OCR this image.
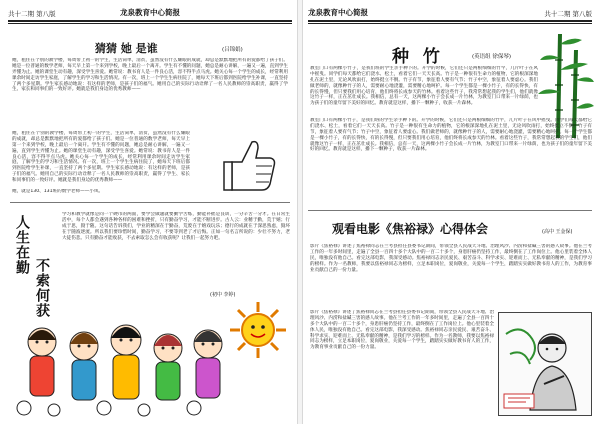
共十二期 第八版	龙泉教育中心简报
猜猜 她 是谁	(吕锦娟)
她，租住在个别的教学楼，每周带上初一的学生，生活简单，清贫，虽然没有什么耀眼的成就，却总是默默地把所有的爱都给了孩子们。她是一位普通的数学老师，每天早上第一个来到学校，晚上最后一个离开。学生有不懂的问题，她总是耐心讲解，一遍又一遍，直到学生弄懂为止。她的课堂生动有趣，深受学生喜爱。她常说：教书育人是一件良心活，容不得半点马虎。她关心每一个学生的成长，经常利用课余时间走访学生家庭，了解学生的学习和生活情况。有一次，班上一个学生生病住院了，她每天下班后都到医院给学生补课，一直坚持了两个多星期。学生家长感动地说：有这样的老师，是孩子们的福气。她用自己的实际行动诠释了一名人民教师的崇高职责，赢得了学生、家长和同事们的一致好评。她就是我们身边的优秀教师——
她，租住在个别的教学楼，每周带上初一的学生，生活简单，清贫，虽然没有什么耀眼的成就，却总是默默地把所有的爱都给了孩子们。她是一位普通的数学老师，每天早上第一个来到学校，晚上最后一个离开。学生有不懂的问题，她总是耐心讲解，一遍又一遍，直到学生弄懂为止。她的课堂生动有趣，深受学生喜爱。她常说：教书育人是一件良心活，容不得半点马虎。她关心每一个学生的成长，经常利用课余时间走访学生家庭，了解学生的学习和生活情况。有一次，班上一个学生生病住院了，她每天下班后都到医院给学生补课，一直坚持了两个多星期。学生家长感动地说：有这样的老师，是孩子们的福气。她用自己的实际行动诠释了一名人民教师的崇高职责，赢得了学生、家长和同事们的一致好评。她就是我们身边的优秀教师——
她，就是130、131班的数学老师——小凤。
人生在勤
不索何获
学习和教学就像是同一个硬币的两面，要学会做题就要勤学苦练，勤能补拙是良训，一分辛苦一分才。在日常生活中，每个人都会遇到各种各样的困难和挫折，只有勤奋学习，才能不断进步。古人云：业精于勤，荒于嬉；行成于思，毁于随。这句话告诉我们，学业的精深在于勤奋，荒废在于嬉戏玩乐；德行的成就在于深思熟虑，毁坏在于随波逐流。所以我们要珍惜时间，勤奋学习，不要等到老了才后悔。正如一句名言所说的：少壮不努力，老大徒伤悲。只有勤奋才能收获，不去索取怎么会有收获呢？让我们一起努力吧。
(初中 李婷)
龙泉教育中心简报	共十二期 第八版
种 竹	(英语组 徐保琴)
教室门口有两棵小竹子，是我们班的学生亲手种下的。开学的时候，它们还只是两根细细的竹竿，几片叶子在风中摇曳。同学们每天都给它们浇水、松土，看着它们一天天长高。竹子是一种很有生命力的植物，它的根深深地扎在泥土里，无论风吹雨打，始终挺立不倒。竹子有节，象征着人要有气节；竹子中空，象征着人要虚心。我们做老师的，就像种竹子的人，需要耐心地浇灌，需要精心地呵护。每一个学生都是一棵小竹子，有的长得快，有的长得慢，但只要我们用心培育，他们终将长成参天的竹林。看着这些竹子，我常常想起我的学生们，他们就像这竹子一样，正在茁壮成长。我相信，总有一天，这两棵小竹子会长成一片竹林，为教室门口带来一片绿荫，也为孩子们的童年留下美好的回忆。教育就是这样，播下一颗种子，收获一片森林。
教室门口有两棵小竹子，是我们班的学生亲手种下的。开学的时候，它们还只是两根细细的竹竿，几片叶子在风中摇曳。同学们每天都给它们浇水、松土，看着它们一天天长高。竹子是一种很有生命力的植物，它的根深深地扎在泥土里，无论风吹雨打，始终挺立不倒。竹子有节，象征着人要有气节；竹子中空，象征着人要虚心。我们做老师的，就像种竹子的人，需要耐心地浇灌，需要精心地呵护。每一个学生都是一棵小竹子，有的长得快，有的长得慢，但只要我们用心培育，他们终将长成参天的竹林。看着这些竹子，我常常想起我的学生们，他们就像这竹子一样，正在茁壮成长。我相信，总有一天，这两棵小竹子会长成一片竹林，为教室门口带来一片绿荫，也为孩子们的童年留下美好的回忆。教育就是这样，播下一颗种子，收获一片森林。
观看电影《焦裕禄》心得体会	(高中 王金保)
影片《焦裕禄》讲述了焦裕禄同志在兰考县担任县委书记期间，带领全县人民战天斗地、治理风沙、内涝和盐碱三害的感人故事。他在兰考工作的一年多时间里，走遍了全县一百四十多个大队中的一百二十多个，身患肝癌仍坚持工作，最终倒在了工作岗位上。他心里装着全体人民，唯独没有他自己。看完这部电影，我深受感动。焦裕禄同志亲民爱民、艰苦奋斗、科学求实、迎难而上、无私奉献的精神，是我们学习的榜样。作为一名教师，我要以焦裕禄同志为榜样，立足本职岗位，爱岗敬业，关爱每一个学生，踏踏实实做好教书育人的工作，为教育事业贡献自己的一份力量。
影片《焦裕禄》讲述了焦裕禄同志在兰考县担任县委书记期间，带领全县人民战天斗地、治理风沙、内涝和盐碱三害的感人故事。他在兰考工作的一年多时间里，走遍了全县一百四十多个大队中的一百二十多个，身患肝癌仍坚持工作，最终倒在了工作岗位上。他心里装着全体人民，唯独没有他自己。看完这部电影，我深受感动。焦裕禄同志亲民爱民、艰苦奋斗、科学求实、迎难而上、无私奉献的精神，是我们学习的榜样。作为一名教师，我要以焦裕禄同志为榜样，立足本职岗位，爱岗敬业，关爱每一个学生，踏踏实实做好教书育人的工作，为教育事业贡献自己的一份力量。
